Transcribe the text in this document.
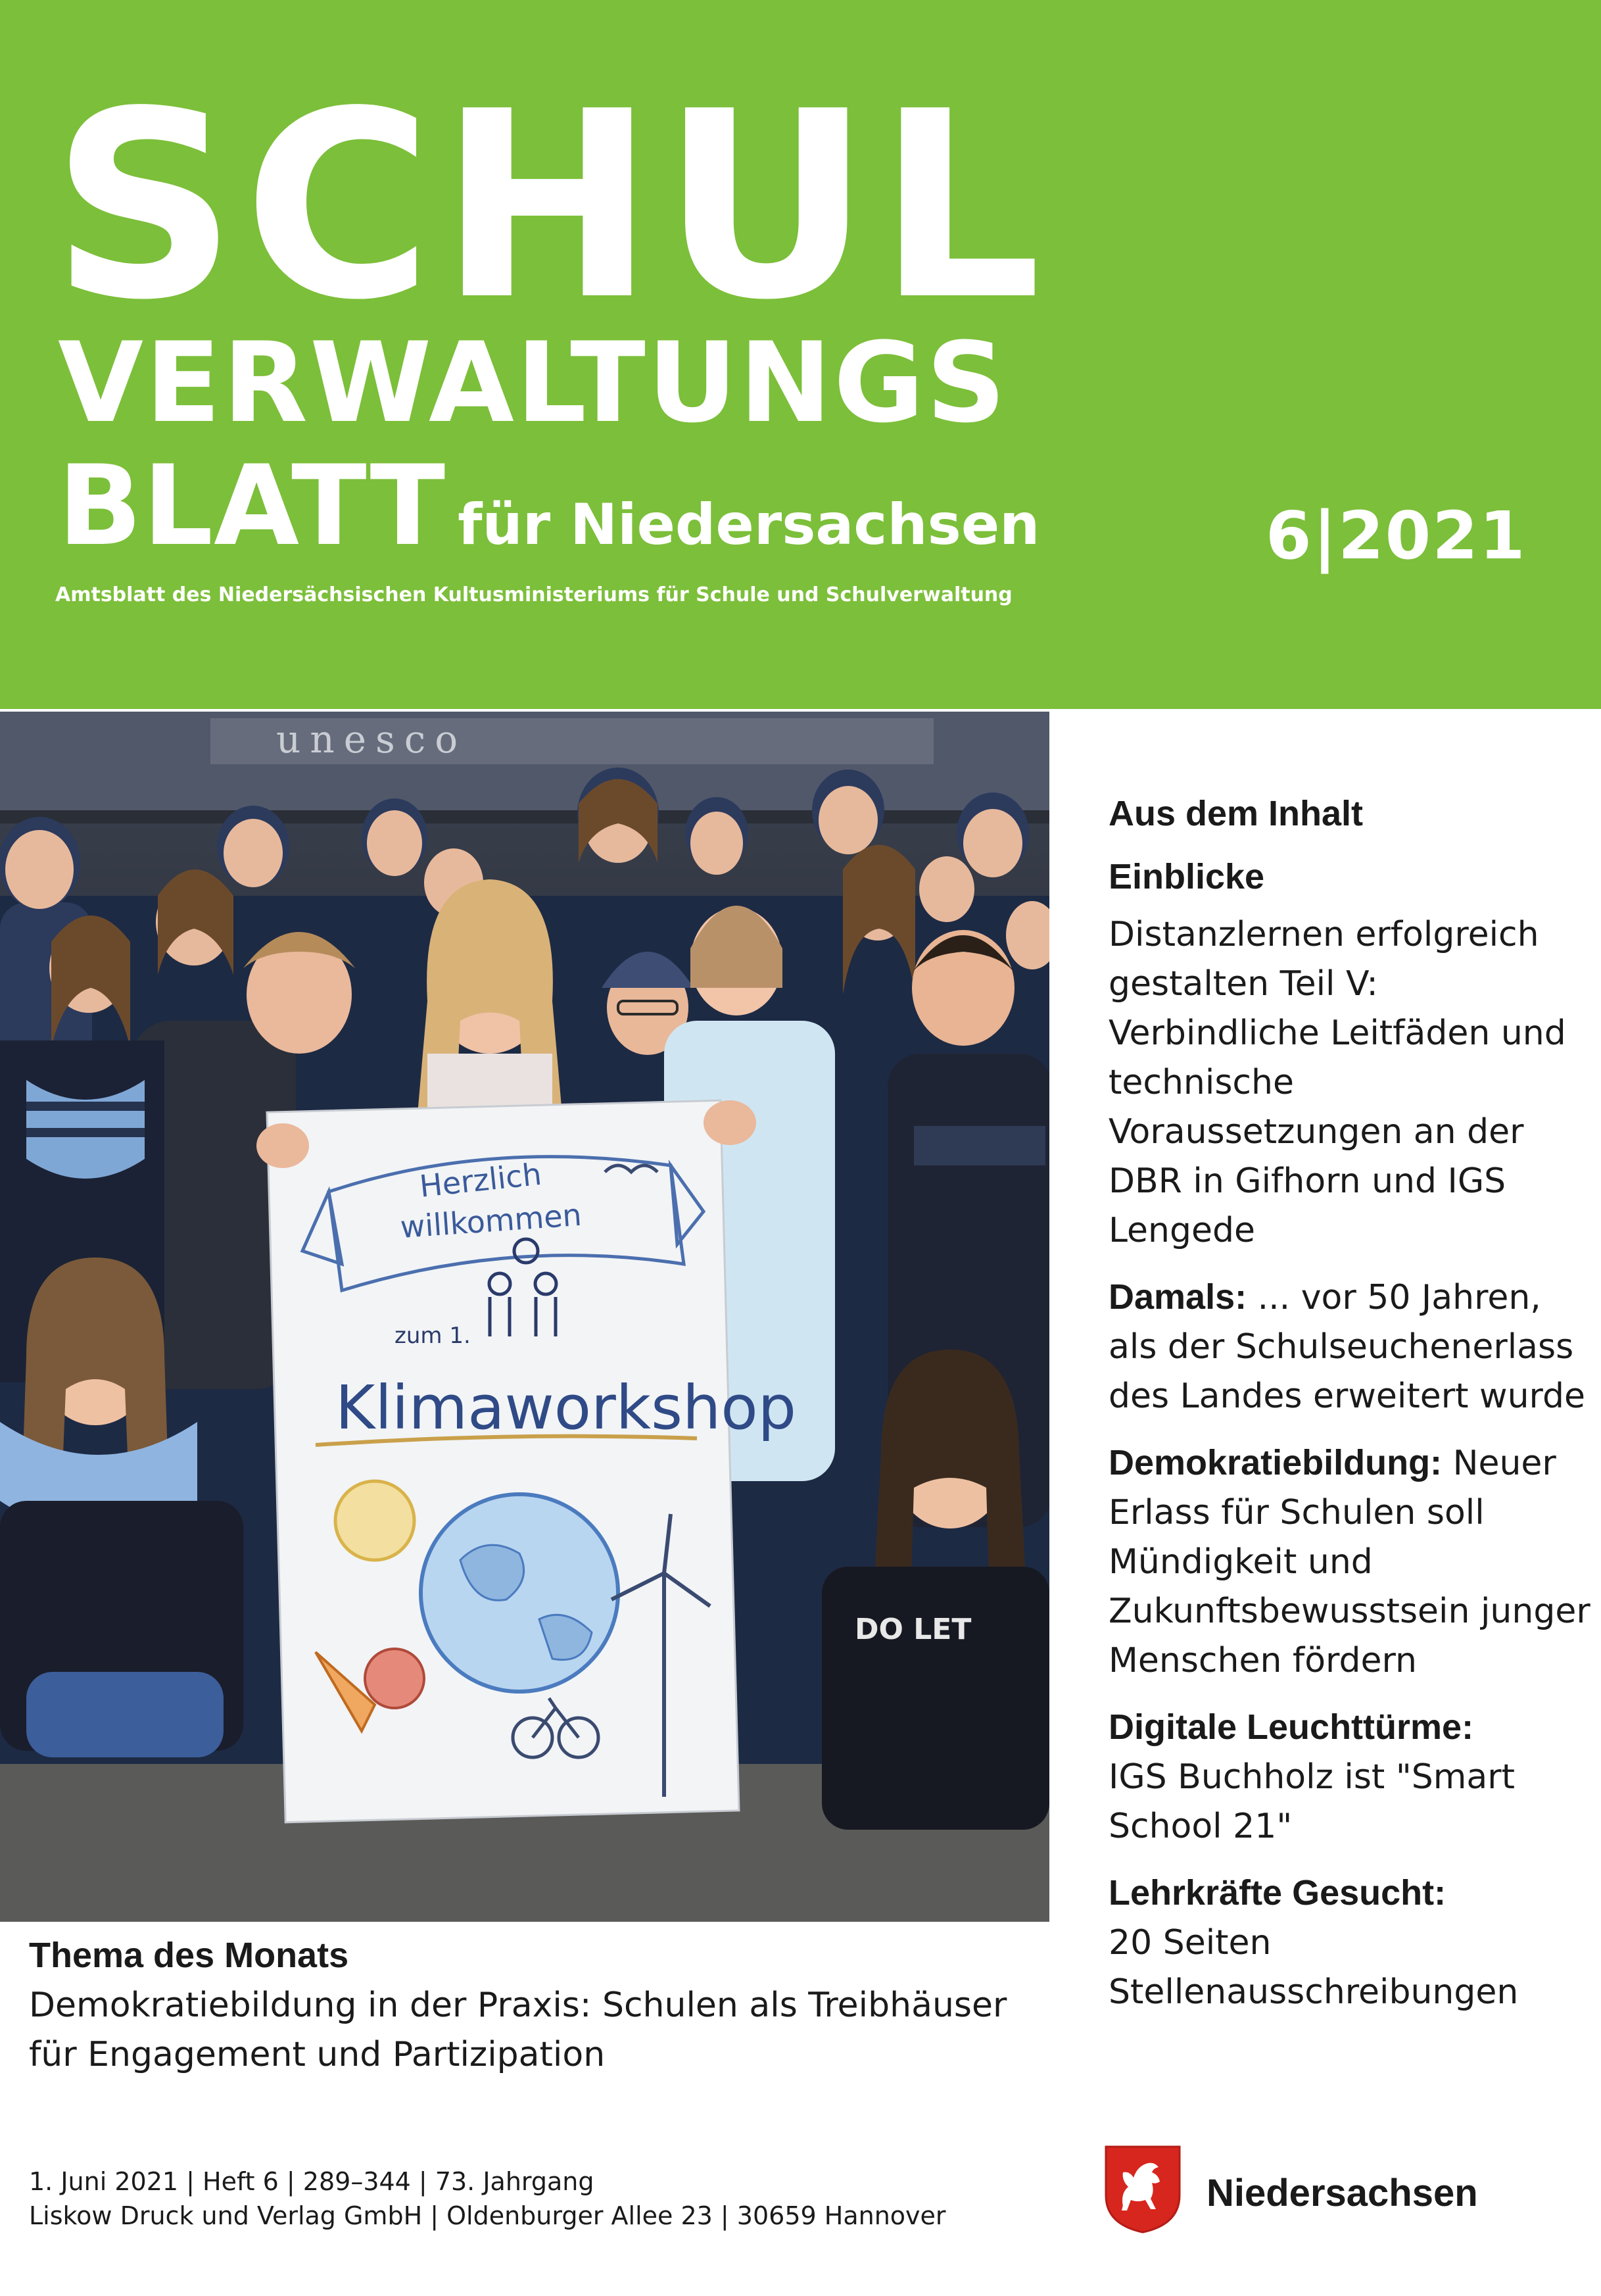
SCHUL
VERWALTUNGS
BLATT für Niedersachsen	6|2021
Amtsblatt des Niedersächsischen Kultusministeriums für Schule und Schulverwaltung
unesco
DO LET
Herzlich
willkommen
zum 1.
Klimaworkshop
Aus dem Inhalt
Einblicke
Distanzlernen erfolgreich gestalten Teil V: Verbindliche Leitfäden und technische Voraussetzungen an der DBR in Gifhorn und IGS Lengede
Damals: ... vor 50 Jahren, als der Schulseuchenerlass des Landes erweitert wurde
Demokratiebildung: Neuer Erlass für Schulen soll Mündigkeit und Zukunftsbewusstsein junger Menschen fördern
Digitale Leuchttürme:
IGS Buchholz ist "Smart School 21"
Lehrkräfte Gesucht:
20 Seiten Stellenausschreibungen
Thema des Monats
Demokratiebildung in der Praxis: Schulen als Treibhäuser für Engagement und Partizipation
1. Juni 2021 | Heft 6 | 289–344 | 73. Jahrgang
Liskow Druck und Verlag GmbH | Oldenburger Allee 23 | 30659 Hannover
Niedersachsen
